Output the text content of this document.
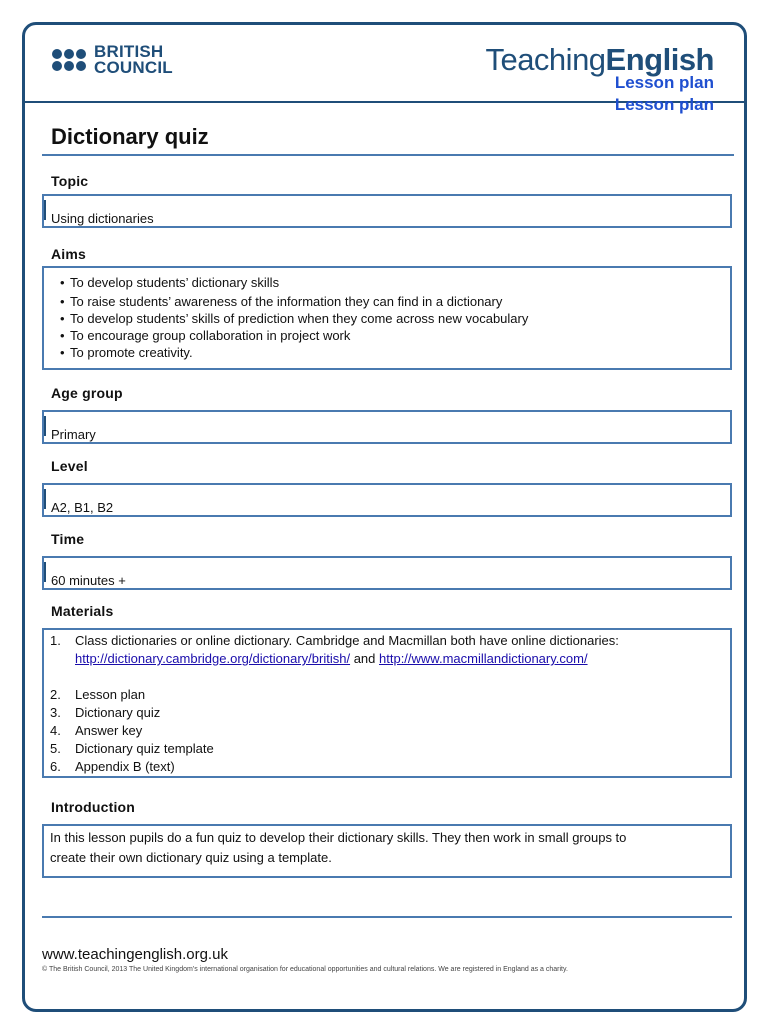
BRITISH
COUNCIL	TeachingEnglish
Lesson plan
Lesson plan
Dictionary quiz
Topic
Using dictionaries
Aims
• To develop students’ dictionary skills
• To raise students’ awareness of the information they can find in a dictionary
• To develop students’ skills of prediction when they come across new vocabulary
• To encourage group collaboration in project work
• To promote creativity.
Age group
Primary
Level
A2, B1, B2
Time
60 minutes +
Materials
1.	Class dictionaries or online dictionary. Cambridge and Macmillan both have online dictionaries:
http://dictionary.cambridge.org/dictionary/british/ and http://www.macmillandictionary.com/
2.	Lesson plan
3.	Dictionary quiz
4.	Answer key
5.	Dictionary quiz template
6.	Appendix B (text)
Introduction
In this lesson pupils do a fun quiz to develop their dictionary skills. They then work in small groups to
create their own dictionary quiz using a template.
www.teachingenglish.org.uk
© The British Council, 2013 The United Kingdom’s international organisation for educational opportunities and cultural relations. We are registered in England as a charity.
